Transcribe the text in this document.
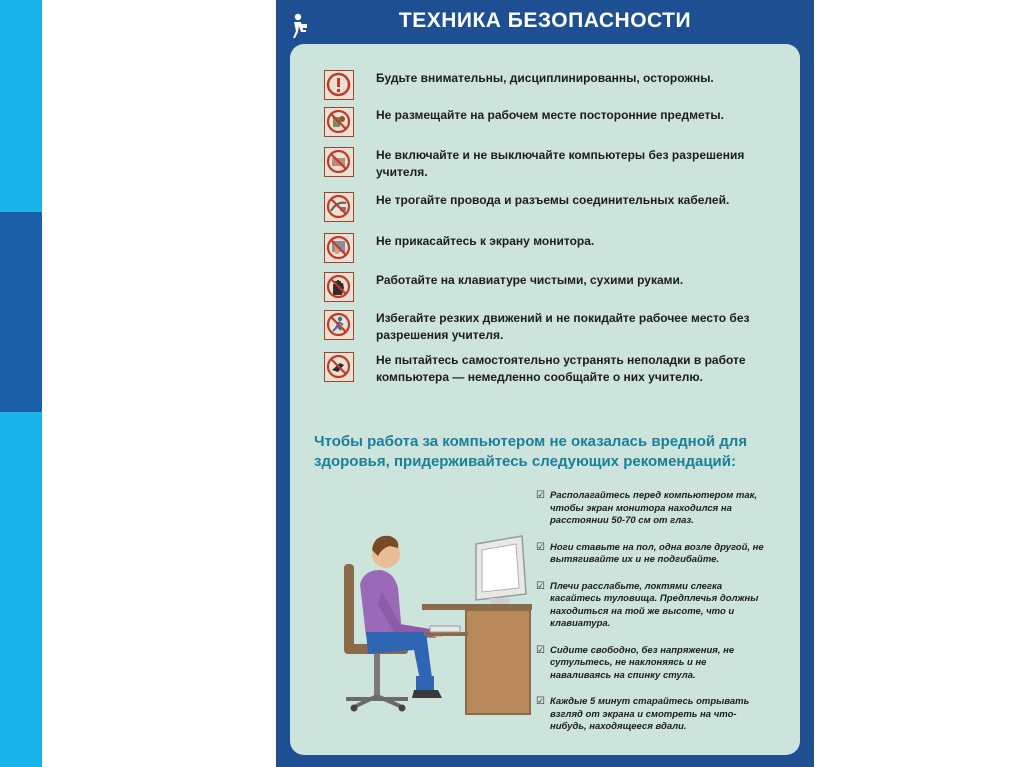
ТЕХНИКА БЕЗОПАСНОСТИ
Будьте внимательны, дисциплинированны, осторожны.
Не размещайте на рабочем месте посторонние предметы.
Не включайте и не выключайте компьютеры без разрешения учителя.
Не трогайте провода и разъемы соединительных кабелей.
Не прикасайтесь к экрану монитора.
Работайте на клавиатуре чистыми, сухими руками.
Избегайте резких движений и не покидайте рабочее место без разрешения учителя.
Не пытайтесь самостоятельно устранять неполадки в работе компьютера — немедленно сообщайте о них учителю.
Чтобы работа за компьютером не оказалась вредной для здоровья, придерживайтесь следующих рекомендаций:
☑ Располагайтесь перед компьютером так, чтобы экран монитора находился на расстоянии 50-70 см от глаз.
☑ Ноги ставьте на пол, одна возле другой, не вытягивайте их и не подгибайте.
☑ Плечи расслабьте, локтями слегка касайтесь туловища. Предплечья должны находиться на той же высоте, что и клавиатура.
☑ Сидите свободно, без напряжения, не сутультесь, не наклоняясь и не наваливаясь на спинку стула.
☑ Каждые 5 минут старайтесь отрывать взгляд от экрана и смотреть на что-нибудь, находящееся вдали.
